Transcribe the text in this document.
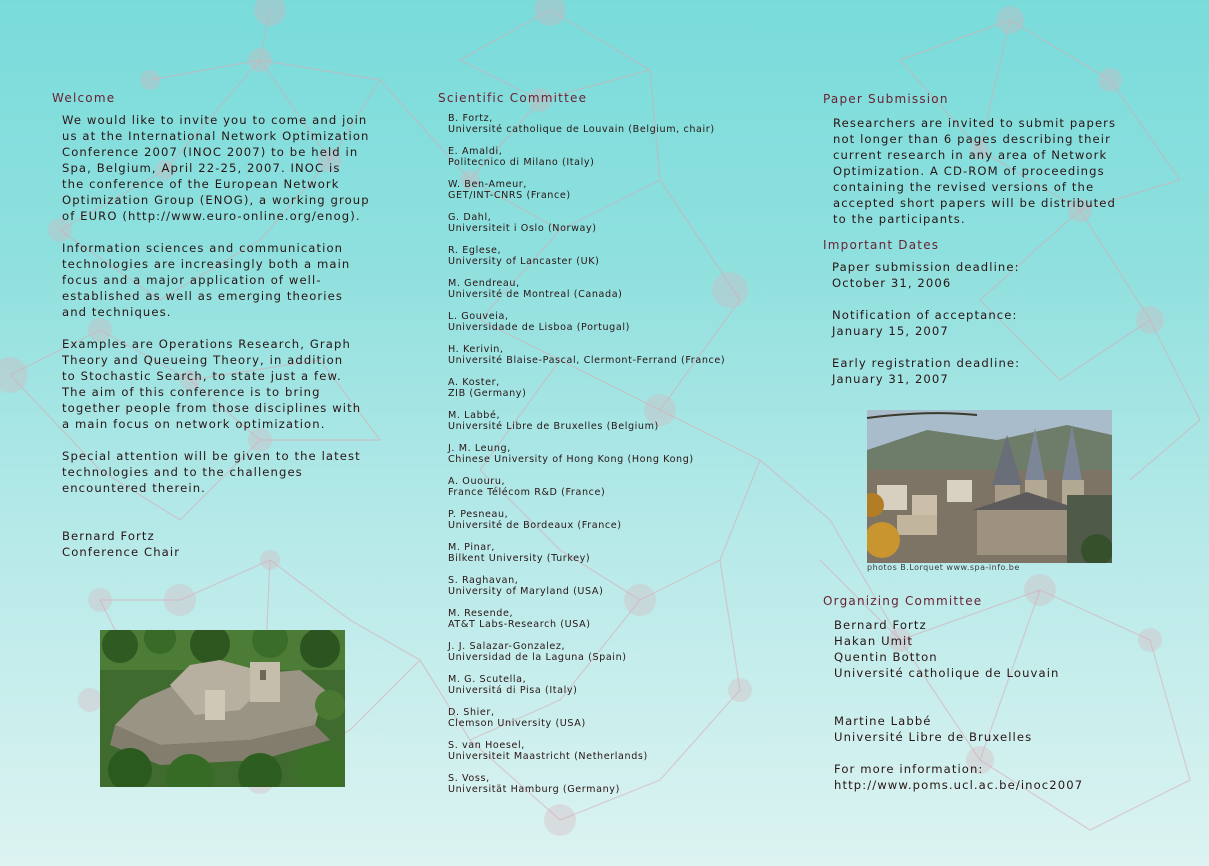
Welcome
We would like to invite you to come and join
us at the International Network Optimization
Conference 2007 (INOC 2007) to be held in
Spa, Belgium, April 22-25, 2007. INOC is
the conference of the European Network
Optimization Group (ENOG), a working group
of EURO (http://www.euro-online.org/enog).
Information sciences and communication
technologies are increasingly both a main
focus and a major application of well-
established as well as emerging theories
and techniques.
Examples are Operations Research, Graph
Theory and Queueing Theory, in addition
to Stochastic Search, to state just a few.
The aim of this conference is to bring
together people from those disciplines with
a main focus on network optimization.
Special attention will be given to the latest
technologies and to the challenges
encountered therein.
Bernard Fortz
Conference Chair
Scientific Committee
B. Fortz,
Université catholique de Louvain (Belgium, chair)
E. Amaldi,
Politecnico di Milano (Italy)
W. Ben-Ameur,
GET/INT-CNRS (France)
G. Dahl,
Universiteit i Oslo (Norway)
R. Eglese,
University of Lancaster (UK)
M. Gendreau,
Université de Montreal (Canada)
L. Gouveia,
Universidade de Lisboa (Portugal)
H. Kerivin,
Université Blaise-Pascal, Clermont-Ferrand (France)
A. Koster,
ZIB (Germany)
M. Labbé,
Université Libre de Bruxelles (Belgium)
J. M. Leung,
Chinese University of Hong Kong (Hong Kong)
A. Ououru,
France Télécom R&D (France)
P. Pesneau,
Université de Bordeaux (France)
M. Pinar,
Bilkent University (Turkey)
S. Raghavan,
University of Maryland (USA)
M. Resende,
AT&T Labs-Research (USA)
J. J. Salazar-Gonzalez,
Universidad de la Laguna (Spain)
M. G. Scutella,
Universitá di Pisa (Italy)
D. Shier,
Clemson University (USA)
S. van Hoesel,
Universiteit Maastricht (Netherlands)
S. Voss,
Universität Hamburg (Germany)
Paper Submission
Researchers are invited to submit papers
not longer than 6 pages describing their
current research in any area of Network
Optimization. A CD-ROM of proceedings
containing the revised versions of the
accepted short papers will be distributed
to the participants.
Important Dates
Paper submission deadline:
October 31, 2006
Notification of acceptance:
January 15, 2007
Early registration deadline:
January 31, 2007
photos B.Lorquet www.spa-info.be
Organizing Committee
Bernard Fortz
Hakan Umit
Quentin Botton
Université catholique de Louvain
Martine Labbé
Université Libre de Bruxelles
For more information:
http://www.poms.ucl.ac.be/inoc2007
